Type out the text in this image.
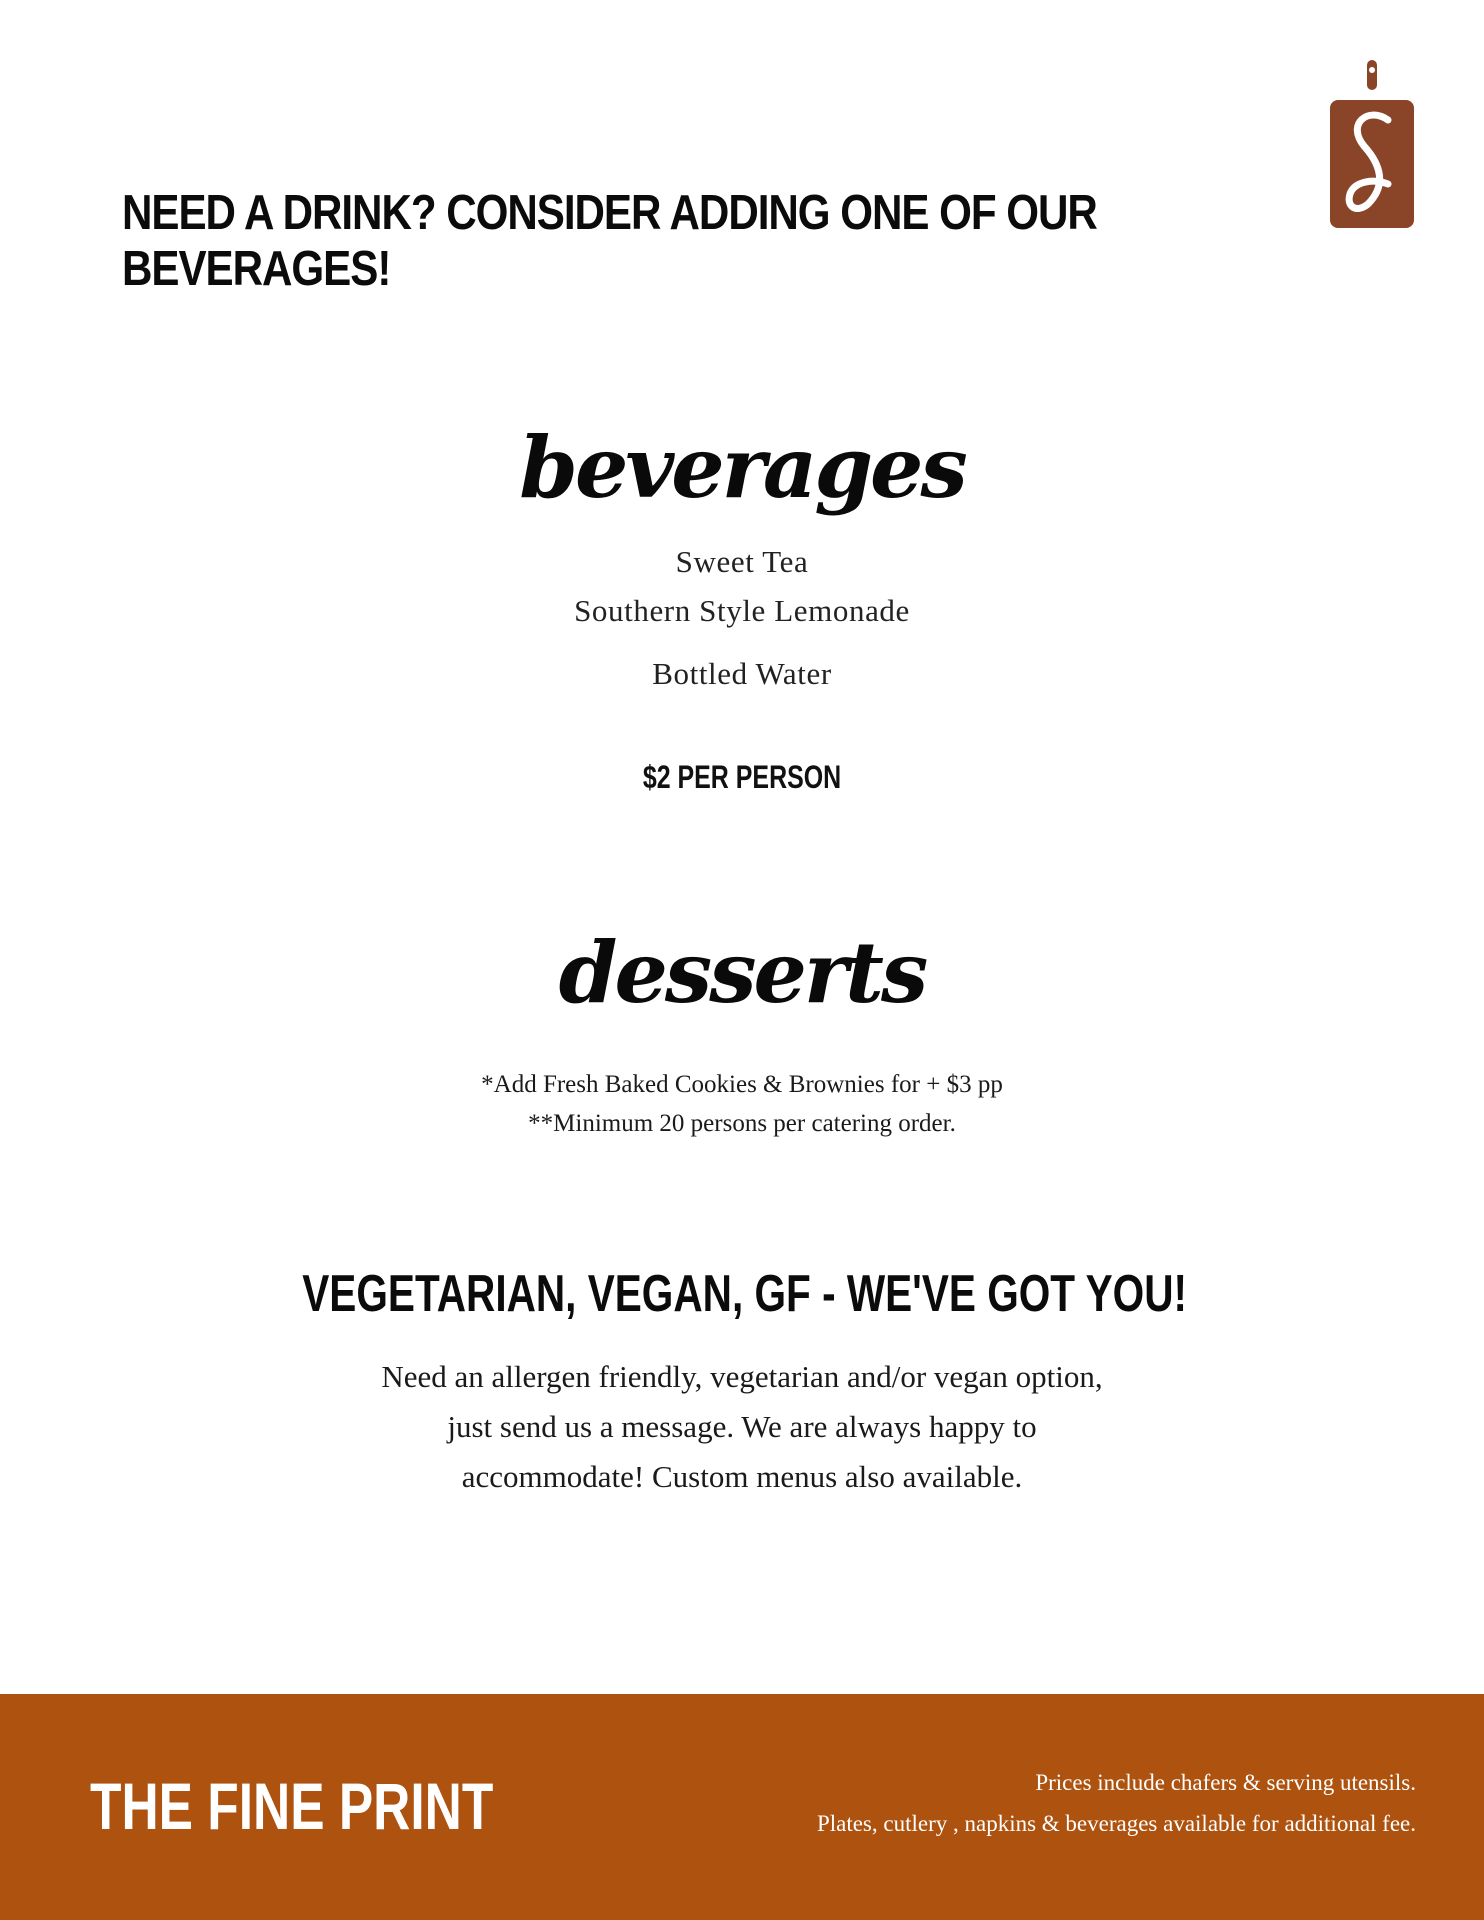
NEED A DRINK? CONSIDER ADDING ONE OF OUR BEVERAGES!
S
beverages
Sweet Tea
Southern Style Lemonade
Bottled Water
$2 PER PERSON
desserts
*Add Fresh Baked Cookies & Brownies for + $3 pp
**Minimum 20 persons per catering order.
VEGETARIAN, VEGAN, GF - WE'VE GOT YOU!
Need an allergen friendly, vegetarian and/or vegan option,
just send us a message. We are always happy to
accommodate! Custom menus also available.
THE FINE PRINT	Prices include chafers & serving utensils.
Plates, cutlery , napkins & beverages available for additional fee.
